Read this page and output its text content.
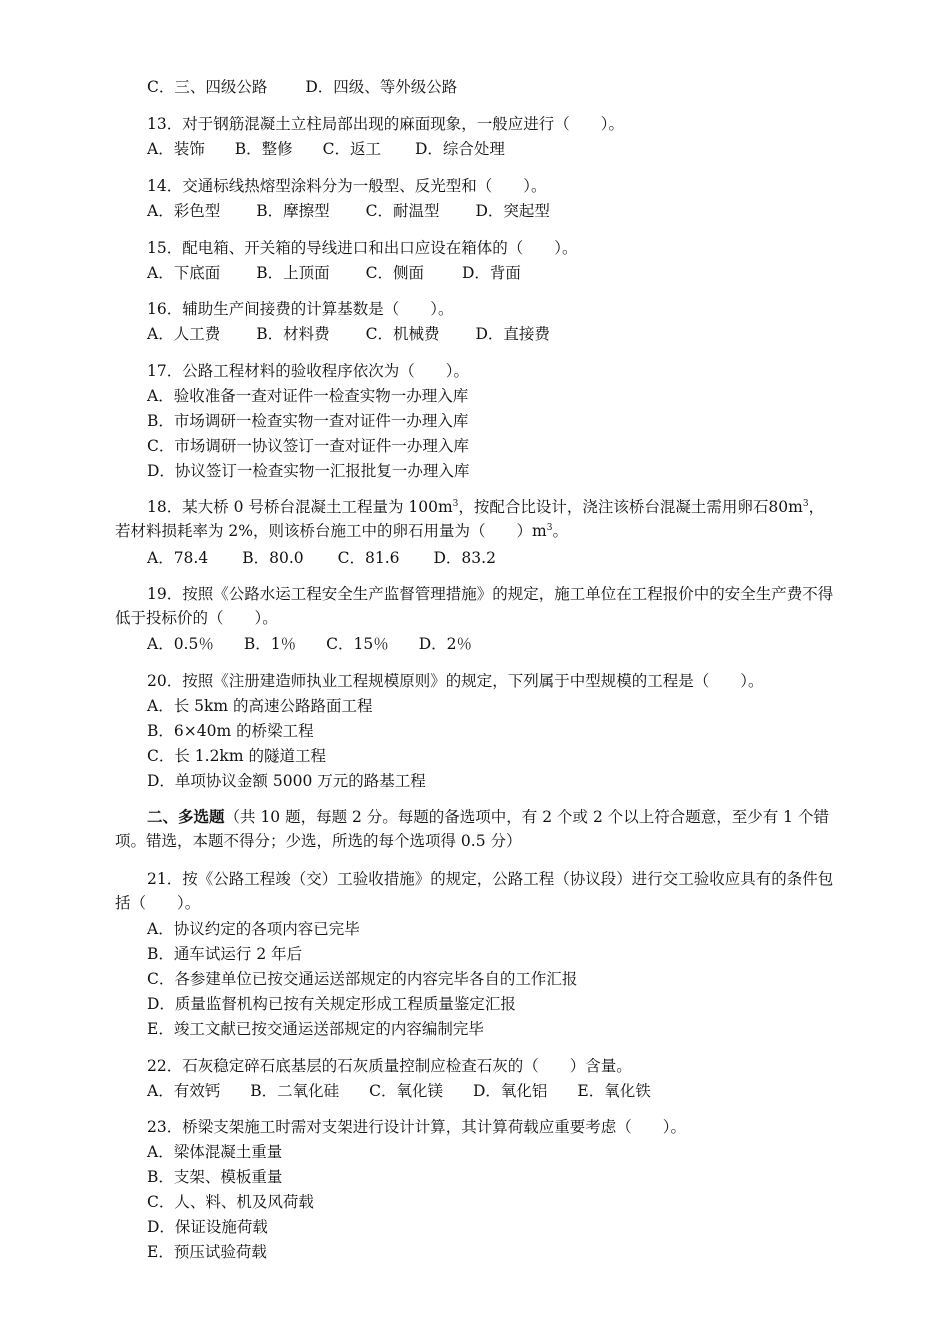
C．三、四级公路 D．四级、等外级公路
13．对于钢筋混凝土立柱局部出现的麻面现象，一般应进行（　　）。
A．装饰 B．整修 C．返工 D．综合处理
14．交通标线热熔型涂料分为一般型、反光型和（　　）。
A．彩色型 B．摩擦型 C．耐温型 D．突起型
15．配电箱、开关箱的导线进口和出口应设在箱体的（　　）。
A．下底面 B．上顶面 C．侧面 D．背面
16．辅助生产间接费的计算基数是（　　）。
A．人工费 B．材料费 C．机械费 D．直接费
17．公路工程材料的验收程序依次为（　　）。
A．验收准备一查对证件一检查实物一办理入库
B．市场调研一检查实物一查对证件一办理入库
C．市场调研一协议签订一查对证件一办理入库
D．协议签订一检查实物一汇报批复一办理入库
18．某大桥 0 号桥台混凝土工程量为 $100m^3$，按配合比设计，浇注该桥台混凝土需用卵石$80m^3$，若材料损耗率为 2%，则该桥台施工中的卵石用量为（　　）$m^3$。
A．78.4 B．80.0 C．81.6 D．83.2
19．按照《公路水运工程安全生产监督管理措施》的规定，施工单位在工程报价中的安全生产费不得低于投标价的（　　）。
A．0.5％ B．1％ C．15％ D．2％
20．按照《注册建造师执业工程规模原则》的规定，下列属于中型规模的工程是（　　）。
A．长 5km 的高速公路路面工程
B．6×40m 的桥梁工程
C．长 1.2km 的隧道工程
D．单项协议金额 5000 万元的路基工程
二、多选题（共 10 题，每题 2 分。每题的备选项中，有 2 个或 2 个以上符合题意，至少有 1 个错项。错选，本题不得分；少选，所选的每个选项得 0.5 分）
21．按《公路工程竣（交）工验收措施》的规定，公路工程（协议段）进行交工验收应具有的条件包括（　　）。
A．协议约定的各项内容已完毕
B．通车试运行 2 年后
C．各参建单位已按交通运送部规定的内容完毕各自的工作汇报
D．质量监督机构已按有关规定形成工程质量鉴定汇报
E．竣工文献已按交通运送部规定的内容编制完毕
22．石灰稳定碎石底基层的石灰质量控制应检查石灰的（　　）含量。
A．有效钙 B．二氧化硅 C．氧化镁 D．氧化铝 E．氧化铁
23．桥梁支架施工时需对支架进行设计计算，其计算荷载应重要考虑（　　）。
A．梁体混凝土重量
B．支架、模板重量
C．人、料、机及风荷载
D．保证设施荷载
E．预压试验荷载
